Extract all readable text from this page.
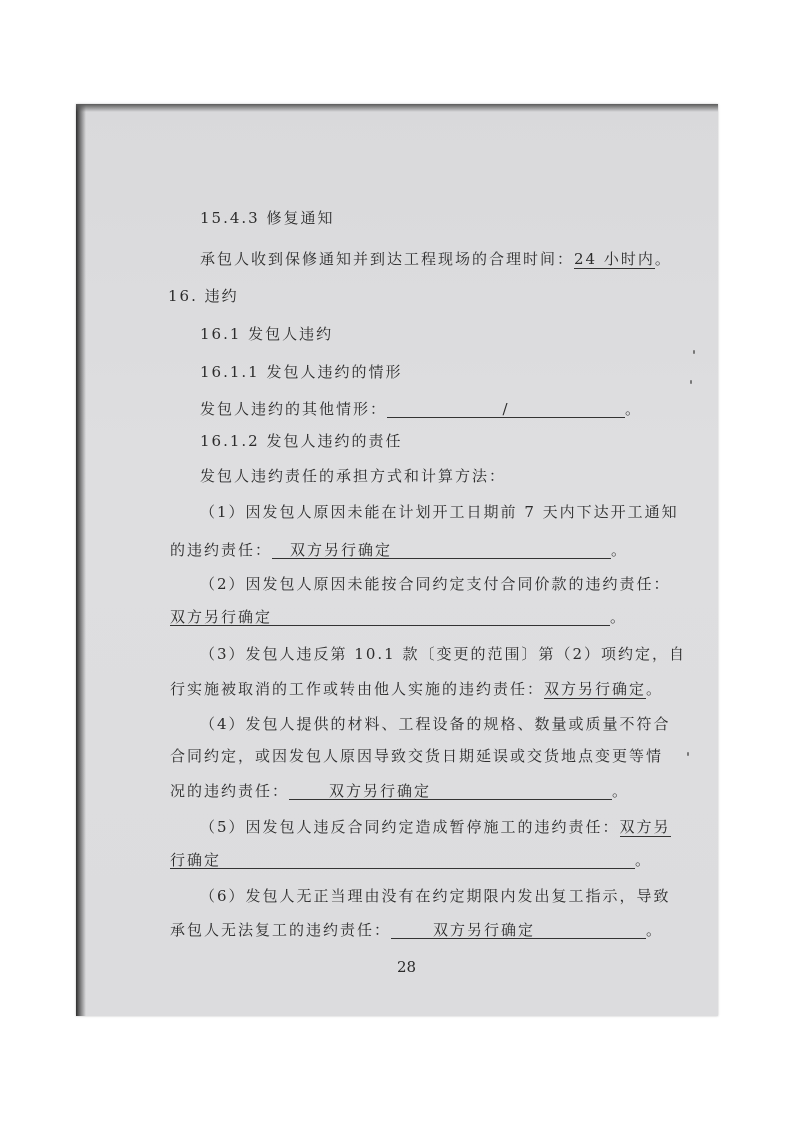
15.4.3 修复通知
承包人收到保修通知并到达工程现场的合理时间：24 小时内。
16. 违约
16.1 发包人违约
16.1.1 发包人违约的情形
发包人违约的其他情形：	/	。
16.1.2 发包人违约的责任
发包人违约责任的承担方式和计算方法：
（1）因发包人原因未能在计划开工日期前 7 天内下达开工通知
的违约责任： 双方另行确定	。
（2）因发包人原因未能按合同约定支付合同价款的违约责任：
双方另行确定	。
（3）发包人违反第 10.1 款〔变更的范围〕第（2）项约定，自
行实施被取消的工作或转由他人实施的违约责任：双方另行确定。
（4）发包人提供的材料、工程设备的规格、数量或质量不符合
合同约定，或因发包人原因导致交货日期延误或交货地点变更等情
况的违约责任：	双方另行确定	。
（5）因发包人违反合同约定造成暂停施工的违约责任：双方另
行确定	。
（6）发包人无正当理由没有在约定期限内发出复工指示，导致
承包人无法复工的违约责任：	双方另行确定	。
28
